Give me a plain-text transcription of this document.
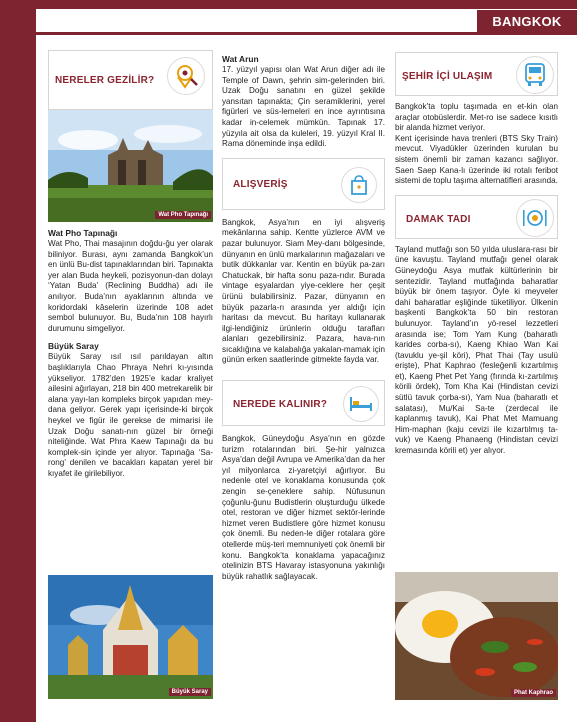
BANGKOK
NERELER GEZİLİR?
Wat Pho Tapınağı
Wat Pho Tapınağı
Wat Pho, Thai masajının doğdu-ğu yer olarak biliniyor. Burası, aynı zamanda Bangkok’un en ünlü Bu-dist tapınaklarından biri. Tapınakta yer alan Buda heykeli, pozisyonun-dan dolayı ‘Yatan Buda’ (Reclining Buddha) adı ile anılıyor. Buda’nın ayaklarının altında ve koridordaki kâselerin üzerinde 108 adet sembol bulunuyor. Bu, Buda’nın 108 hayırlı durumunu simgeliyor.
Büyük Saray
Büyük Saray ısıl ısıl parıldayan altın başlıklarıyla Chao Phraya Nehri kı-yısında yükseliyor. 1782’den 1925’e kadar kraliyet ailesini ağırlayan, 218 bin 400 metrekarelik bir alana yayı-lan kompleks birçok yapıdan mey-dana geliyor. Gerek yapı içerisinde-ki birçok heykel ve figür ile gerekse de mimarisi ile Uzak Doğu sanatı-nın güzel bir örneği niteliğinde. Wat Phra Kaew Tapınağı da bu komplek-sin içinde yer alıyor. Tapınağa ‘Sa-rong’ denilen ve bacakları kapatan yerel bir kıyafet ile girilebiliyor.
Büyük Saray
Wat Arun
17. yüzyıl yapısı olan Wat Arun diğer adı ile Temple of Dawn, şehrin sim-gelerinden biri. Uzak Doğu sanatını en güzel şekilde yansıtan tapınakta; Çin seramiklerini, yerel figürleri ve süs-lemeleri en ince ayrıntısına kadar in-celemek mümkün. Tapınak 17. yüzyıla ait olsa da kuleleri, 19. yüzyıl Kral II. Rama döneminde inşa edildi.
ALIŞVERİŞ
Bangkok, Asya’nın en iyi alışveriş mekânlarına sahip. Kentte yüzlerce AVM ve pazar bulunuyor. Siam Mey-danı bölgesinde, dünyanın en ünlü markalarının mağazaları ve butik dükkanlar var. Kentin en büyük pa-zarı Chatuckak, bir hafta sonu paza-rıdır. Burada vintage eşyalardan yiye-ceklere her çeşit ürünü bulabilirsiniz. Pazar, dünyanın en büyük pazarla-rı arasında yer aldığı için haritası da mevcut. Bu haritayı kullanarak ilgi-lendiğiniz ürünlerin olduğu tarafları alanları gezebilirsiniz. Pazara, hava-nın sıcaklığına ve kalabalığa yakalan-mamak için günün erken saatlerinde gitmekte fayda var.
NEREDE KALINIR?
Bangkok, Güneydoğu Asya’nın en gözde turizm rotalarından biri. Şe-hir yalnızca Asya’dan değil Avrupa ve Amerika’dan da her yıl milyonlarca zi-yaretçiyi ağırlıyor. Bu nedenle otel ve konaklama konusunda çok zengin se-çeneklere sahip. Nüfusunun çoğunlu-ğunu Budistlerin oluşturduğu ülkede otel, restoran ve diğer hizmet sektör-lerinde hizmet veren Budistlere göre hizmet konusu çok önemli. Bu neden-le diğer rotalara göre otellerde müş-teri memnuniyeti çok önemli bir konu. Bangkok’ta konaklama yapacağınız otelinizin BTS Havaray istasyonuna yakınlığı büyük rahatlık sağlayacak.
ŞEHİR İÇİ ULAŞIM
Bangkok’ta toplu taşımada en et-kin olan araçlar otobüslerdir. Met-ro ise sadece kısıtlı bir alanda hizmet veriyor.
Kent içerisinde hava trenleri (BTS Sky Train) mevcut. Viyadükler üzerinden kurulan bu sistem önemli bir zaman kazancı sağlıyor. Saen Saep Kana-lı üzerinde iki rotalı feribot sistemi de toplu taşıma alternatifleri arasında.
DAMAK TADI
Tayland mutfağı son 50 yılda uluslara-rası bir üne kavuştu. Tayland mutfağı genel olarak Güneydoğu Asya mutfak kültürlerinin bir sentezidir. Tayland mutfağında baharatlar büyük bir önem taşıyor. Öyle ki meyveler dahi baharatlar eşliğinde tüketiliyor. Ülkenin başkenti Bangkok’ta 50 bin restoran bulunuyor. Tayland’ın yö-resel lezzetleri arasında ise; Tom Yam Kung (baharatlı karides corba-sı), Kaeng Khiao Wan Kai (tavuklu ye-şil köri), Phat Thai (Tay usulü erişte), Phat Kaphrao (fesleğenli kızartılmış et), Kaeng Phet Pet Yang (fırında kı-zartılmış körili ördek), Tom Kha Kai (Hindistan cevizi sütlü tavuk çorba-sı), Yam Nua (baharatlı et salatası), Mu/Kai Sa-te (zerdecal ile kaplanmış tavuk), Kai Phat Met Mamuang Him-maphan (kaju cevizi ile kızartılmış ta-vuk) ve Kaeng Phanaeng (Hindistan cevizi kremasında körili et) yer alıyor.
Phat Kaphrao
